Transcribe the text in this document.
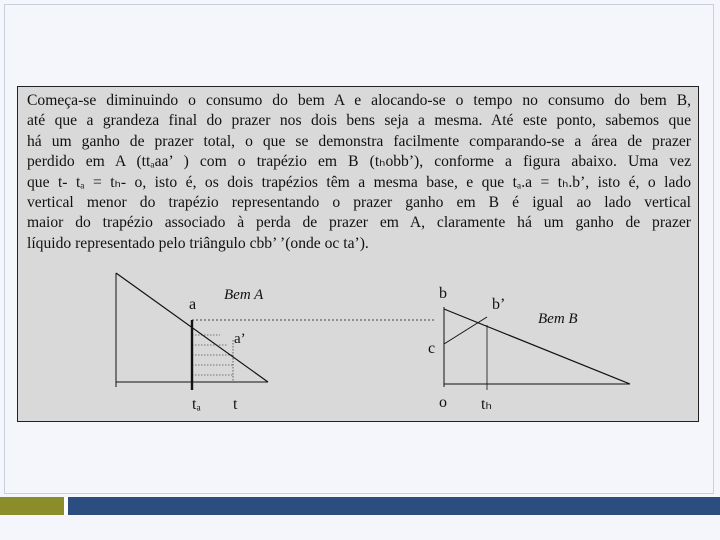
Começa-se diminuindo o consumo do bem A e alocando-se o tempo no consumo do bem B,
até que a grandeza final do prazer nos dois bens seja a mesma. Até este ponto, sabemos que
há um ganho de prazer total, o que se demonstra facilmente comparando-se a área de prazer
perdido em A (ttₐaa’ ) com o trapézio em B (tₕobb’), conforme a figura abaixo. Uma vez
que t- tₐ = tₕ- o, isto é, os dois trapézios têm a mesma base, e que tₐ.a = tₕ.b’, isto é, o lado
vertical menor do trapézio representando o prazer ganho em B é igual ao lado vertical
maior do trapézio associado à perda de prazer em A, claramente há um ganho de prazer
líquido representado pelo triângulo cbb’ ’(onde oc ta’).

Bem A
a
a’
tₐ t
Bem B
b
b’
c
o tₕ
